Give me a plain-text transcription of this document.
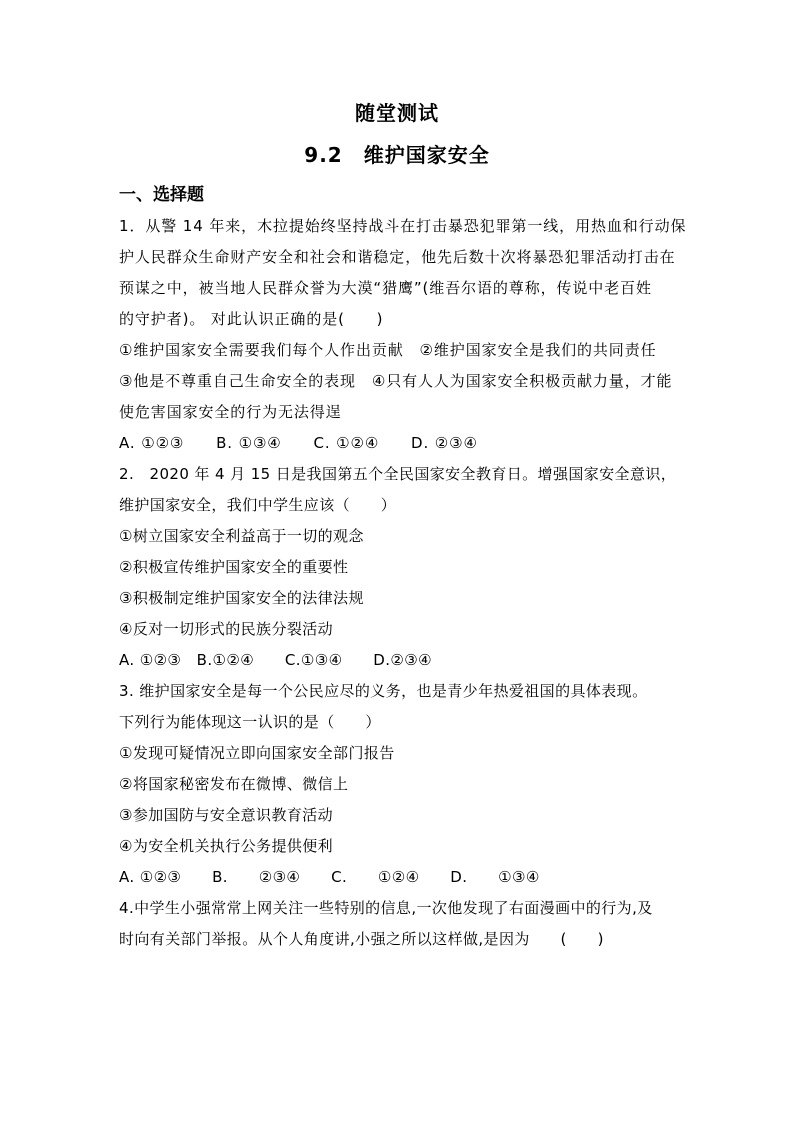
随堂测试
9.2　维护国家安全
一、选择题
1．从警 14 年来，木拉提始终坚持战斗在打击暴恐犯罪第一线，用热血和行动保
护人民群众生命财产安全和社会和谐稳定，他先后数十次将暴恐犯罪活动打击在
预谋之中，被当地人民群众誉为大漠“猎鹰”(维吾尔语的尊称，传说中老百姓
的守护者)。 对此认识正确的是(　　)
①维护国家安全需要我们每个人作出贡献　②维护国家安全是我们的共同责任
③他是不尊重自己生命安全的表现　④只有人人为国家安全积极贡献力量，才能
使危害国家安全的行为无法得逞
A. ①②③　　B. ①③④　　C. ①②④　　D. ②③④
2.　2020 年 4 月 15 日是我国第五个全民国家安全教育日。增强国家安全意识，
维护国家安全，我们中学生应该（　　）
①树立国家安全利益高于一切的观念
②积极宣传维护国家安全的重要性
③积极制定维护国家安全的法律法规
④反对一切形式的民族分裂活动
A. ①②③　B.①②④　　C.①③④　　D.②③④
3. 维护国家安全是每一个公民应尽的义务，也是青少年热爱祖国的具体表现。
下列行为能体现这一认识的是（　　）
①发现可疑情况立即向国家安全部门报告
②将国家秘密发布在微博、微信上
③参加国防与安全意识教育活动
④为安全机关执行公务提供便利
A. ①②③　　B.　　②③④　　C.　　①②④　　D.　　①③④
4.中学生小强常常上网关注一些特别的信息,一次他发现了右面漫画中的行为,及
时向有关部门举报。从个人角度讲,小强之所以这样做,是因为　　(　　)
